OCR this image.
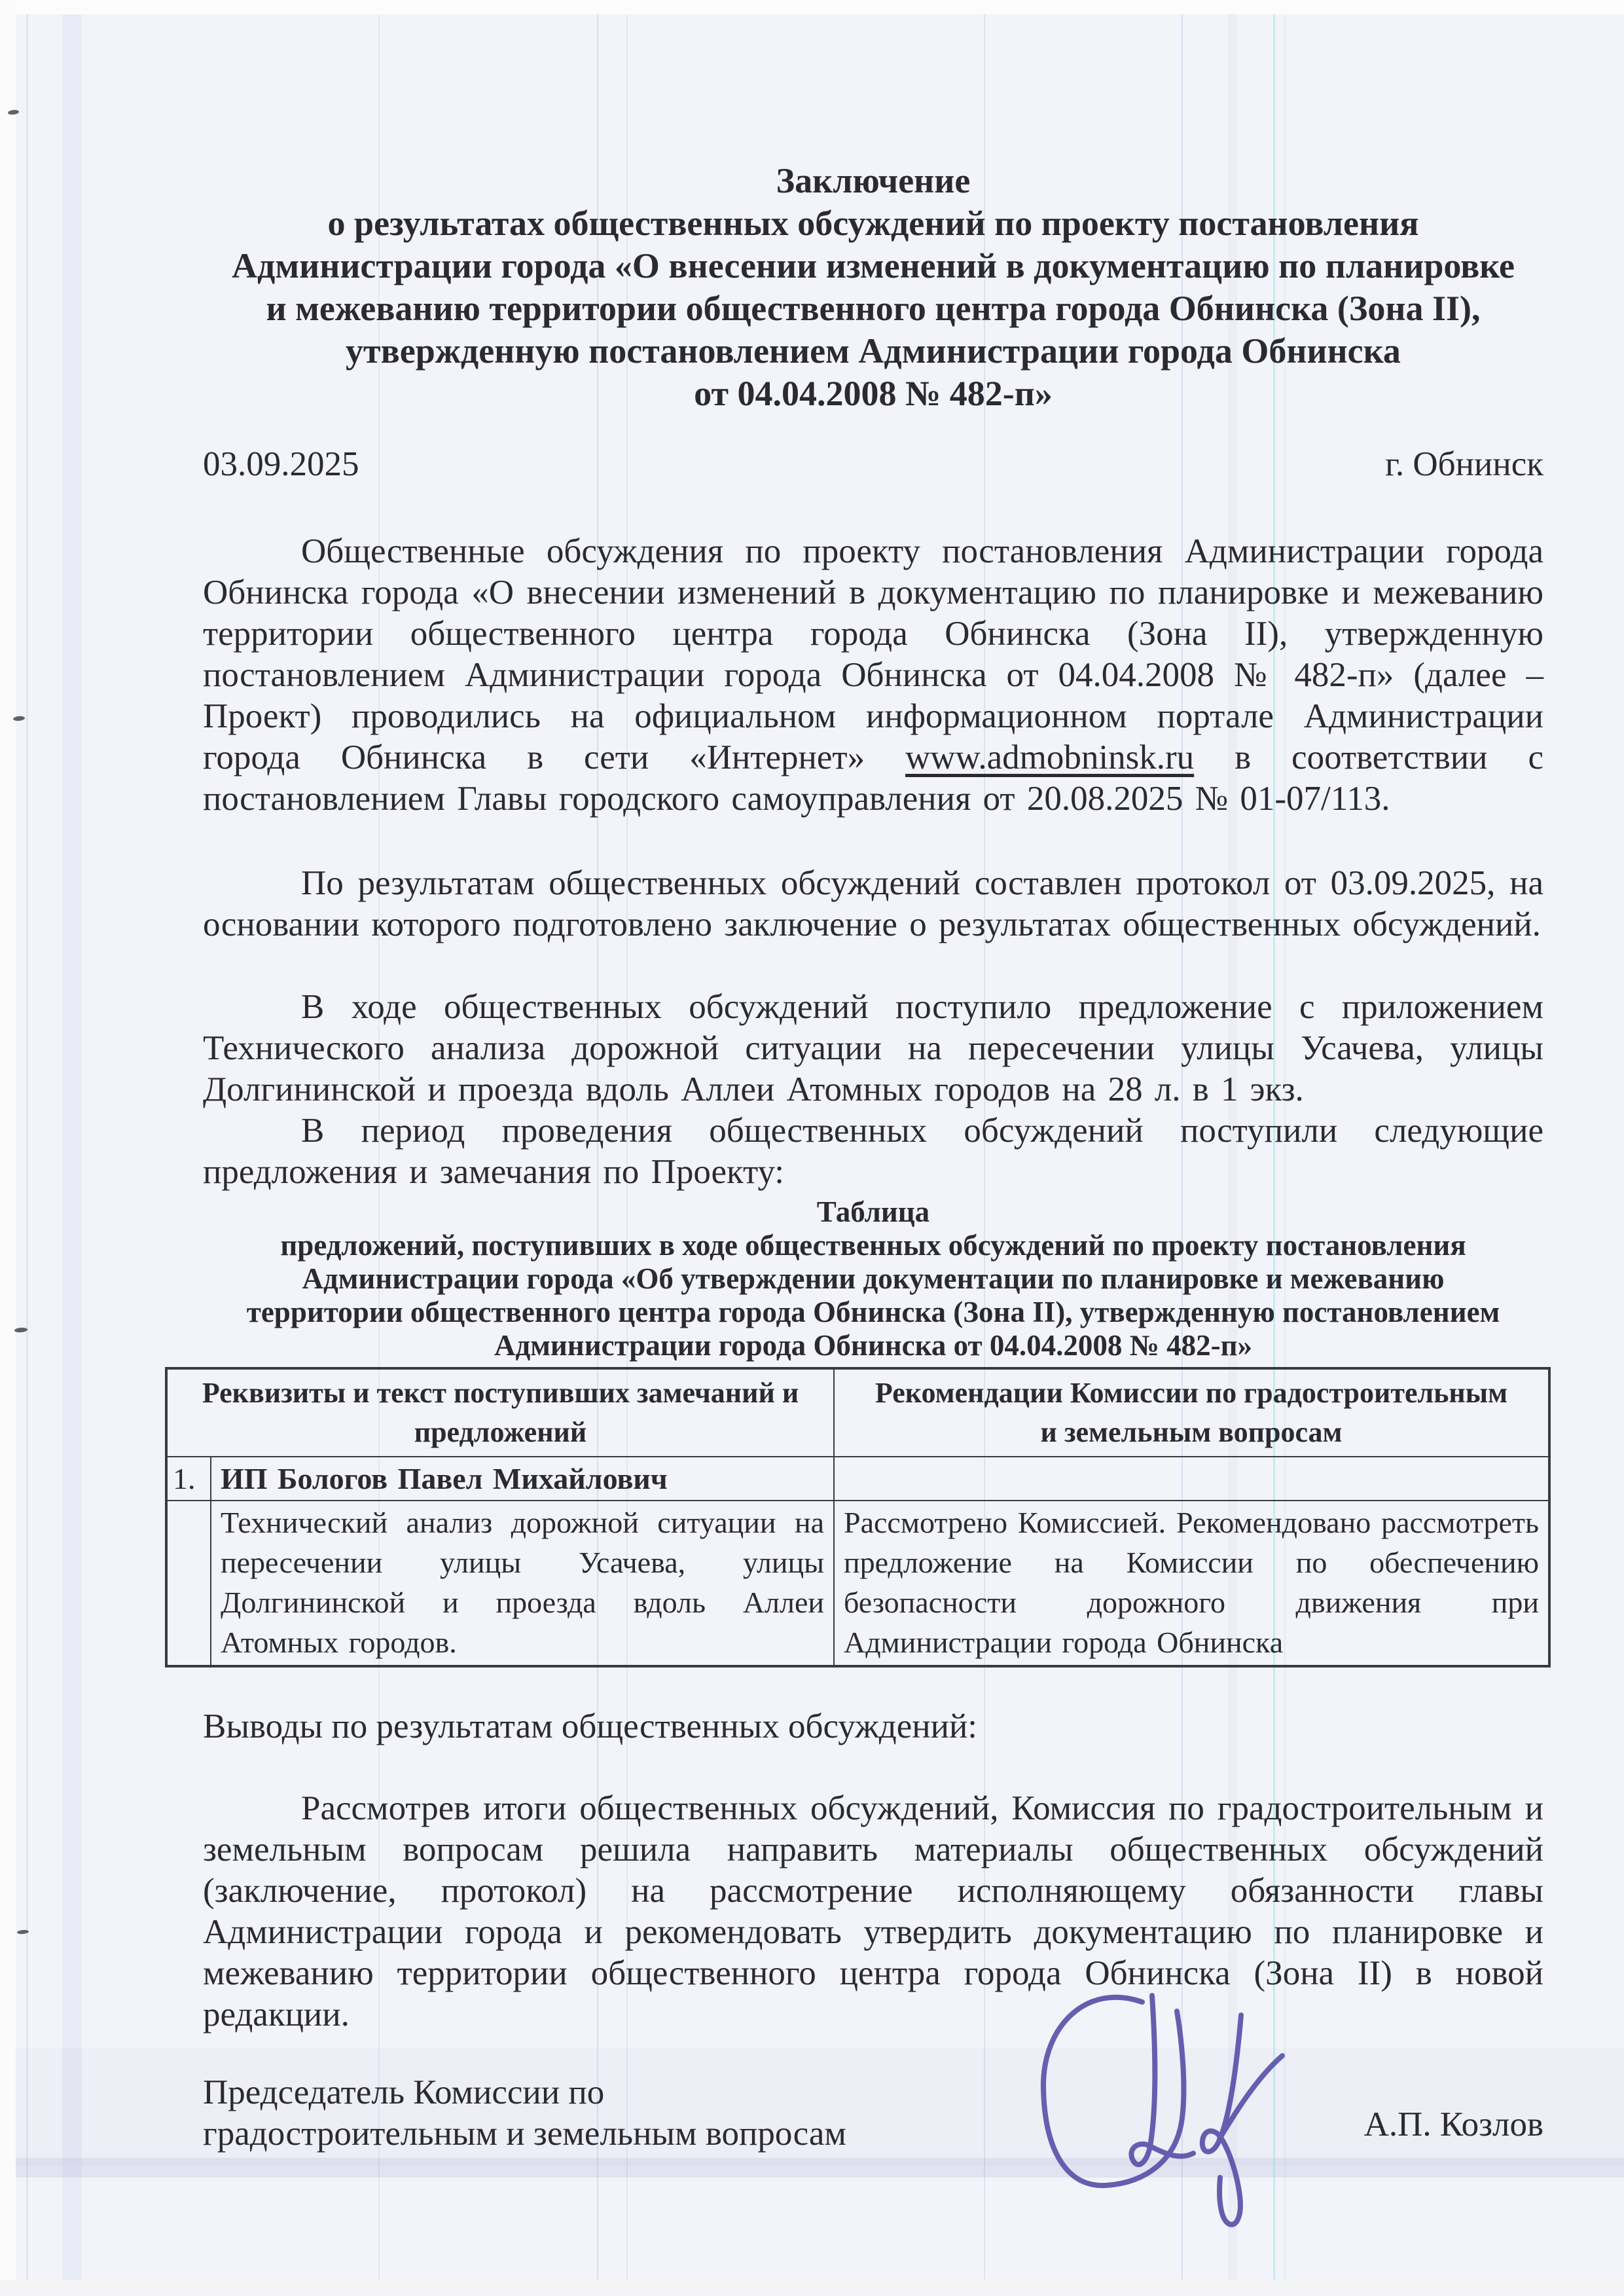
Заключение
о результатах общественных обсуждений по проекту постановления
Администрации города «О внесении изменений в документацию по планировке
и межеванию территории общественного центра города Обнинска (Зона II),
утвержденную постановлением Администрации города Обнинска
от 04.04.2008 № 482-п»
03.09.2025	г. Обнинск

Общественные обсуждения по проекту постановления Администрации города Обнинска города «О внесении изменений в документацию по планировке и межеванию территории общественного центра города Обнинска (Зона II), утвержденную постановлением Администрации города Обнинска от 04.04.2008 № 482-п» (далее – Проект) проводились на официальном информационном портале Администрации города Обнинска в сети «Интернет» www.admobninsk.ru в соответствии с постановлением Главы городского самоуправления от 20.08.2025 № 01-07/113.

По результатам общественных обсуждений составлен протокол от 03.09.2025, на основании которого подготовлено заключение о результатах общественных обсуждений.

В ходе общественных обсуждений поступило предложение с приложением Технического анализа дорожной ситуации на пересечении улицы Усачева, улицы Долгининской и проезда вдоль Аллеи Атомных городов на 28 л. в 1 экз.

В период проведения общественных обсуждений поступили следующие предложения и замечания по Проекту:

Таблица
предложений, поступивших в ходе общественных обсуждений по проекту постановления
Администрации города «Об утверждении документации по планировке и межеванию
территории общественного центра города Обнинска (Зона II), утвержденную постановлением
Администрации города Обнинска от 04.04.2008 № 482-п»
Реквизиты и текст поступивших замечаний и
предложений

Рекомендации Комиссии по градостроительным
и земельным вопросам

1.	ИП Бологов Павел Михайлович	
	Технический анализ дорожной ситуации на пересечении улицы Усачева, улицы Долгининской и проезда вдоль Аллеи Атомных городов.	Рассмотрено Комиссией. Рекомендовано рассмотреть предложение на Комиссии по обеспечению безопасности дорожного движения при Администрации города Обнинска
Выводы по результатам общественных обсуждений:

Рассмотрев итоги общественных обсуждений, Комиссия по градостроительным и земельным вопросам решила направить материалы общественных обсуждений (заключение, протокол) на рассмотрение исполняющему обязанности главы Администрации города и рекомендовать утвердить документацию по планировке и межеванию территории общественного центра города Обнинска (Зона II) в новой редакции.

Председатель Комиссии по
градостроительным и земельным вопросам	А.П. Козлов
